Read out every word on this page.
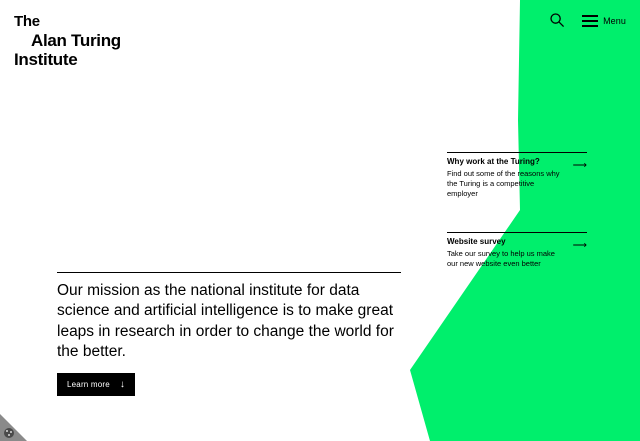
The
Alan Turing
Institute
Menu
Why work at the Turing?	⟶
Find out some of the reasons why the Turing is a competitive employer
Website survey	⟶
Take our survey to help us make our new website even better
Our mission as the national institute for data science and artificial intelligence is to make great leaps in research in order to change the world for the better.
Learn more ↓
